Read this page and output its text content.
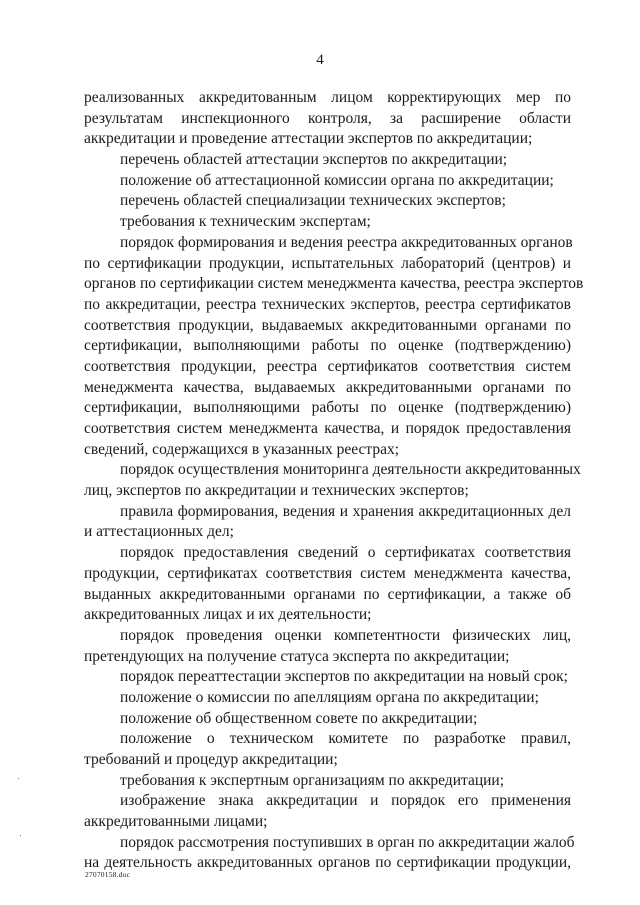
4
реализованных аккредитованным лицом корректирующих мер по
результатам инспекционного контроля, за расширение области
аккредитации и проведение аттестации экспертов по аккредитации;
перечень областей аттестации экспертов по аккредитации;
положение об аттестационной комиссии органа по аккредитации;
перечень областей специализации технических экспертов;
требования к техническим экспертам;
порядок формирования и ведения реестра аккредитованных органов
по сертификации продукции, испытательных лабораторий (центров) и
органов по сертификации систем менеджмента качества, реестра экспертов
по аккредитации, реестра технических экспертов, реестра сертификатов
соответствия продукции, выдаваемых аккредитованными органами по
сертификации, выполняющими работы по оценке (подтверждению)
соответствия продукции, реестра сертификатов соответствия систем
менеджмента качества, выдаваемых аккредитованными органами по
сертификации, выполняющими работы по оценке (подтверждению)
соответствия систем менеджмента качества, и порядок предоставления
сведений, содержащихся в указанных реестрах;
порядок осуществления мониторинга деятельности аккредитованных
лиц, экспертов по аккредитации и технических экспертов;
правила формирования, ведения и хранения аккредитационных дел
и аттестационных дел;
порядок предоставления сведений о сертификатах соответствия
продукции, сертификатах соответствия систем менеджмента качества,
выданных аккредитованными органами по сертификации, а также об
аккредитованных лицах и их деятельности;
порядок проведения оценки компетентности физических лиц,
претендующих на получение статуса эксперта по аккредитации;
порядок переаттестации экспертов по аккредитации на новый срок;
положение о комиссии по апелляциям органа по аккредитации;
положение об общественном совете по аккредитации;
положение о техническом комитете по разработке правил,
требований и процедур аккредитации;
требования к экспертным организациям по аккредитации;
изображение знака аккредитации и порядок его применения
аккредитованными лицами;
порядок рассмотрения поступивших в орган по аккредитации жалоб
на деятельность аккредитованных органов по сертификации продукции,
27070158.doc
